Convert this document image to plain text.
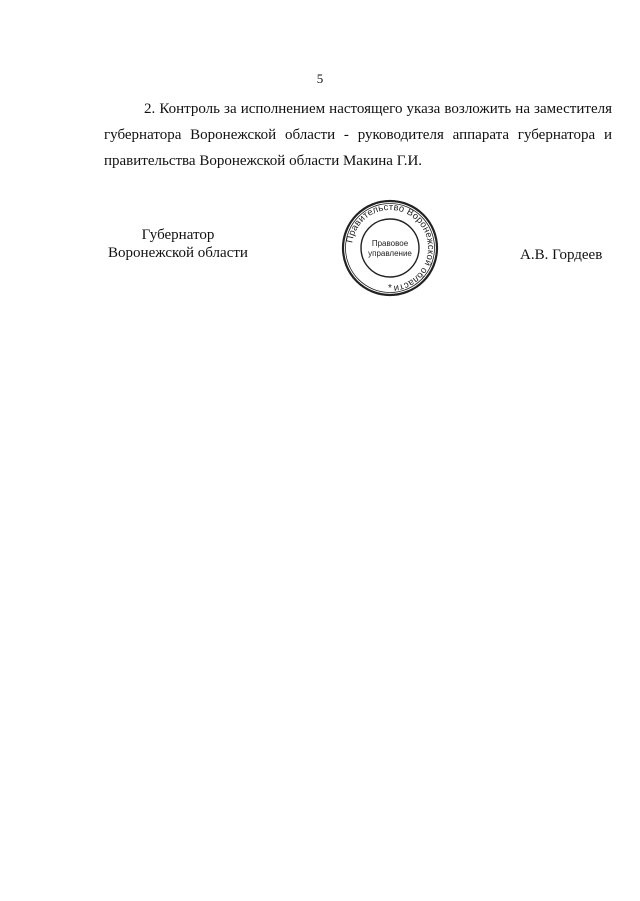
5
2. Контроль за исполнением настоящего указа возложить на заместителя
губернатора Воронежской области - руководителя аппарата губернатора и
правительства Воронежской области Макина Г.И.
Губернатор
Воронежской области
Правительство Воронежской области
Правовое
управление
*
А.В. Гордеев
